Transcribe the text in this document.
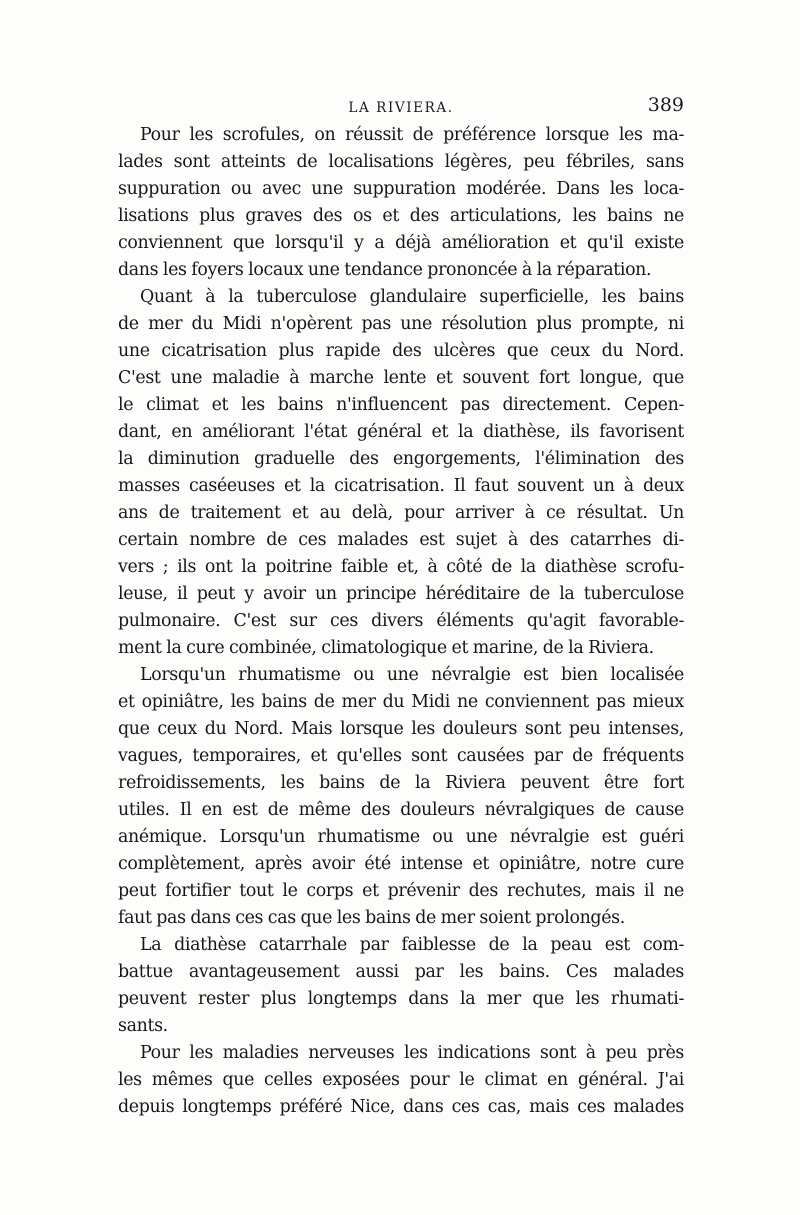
LA RIVIERA.	389
Pour les scrofules, on réussit de préférence lorsque les ma-
lades sont atteints de localisations légères, peu fébriles, sans
suppuration ou avec une suppuration modérée. Dans les loca-
lisations plus graves des os et des articulations, les bains ne
conviennent que lorsqu'il y a déjà amélioration et qu'il existe
dans les foyers locaux une tendance prononcée à la réparation.
Quant à la tuberculose glandulaire superficielle, les bains
de mer du Midi n'opèrent pas une résolution plus prompte, ni
une cicatrisation plus rapide des ulcères que ceux du Nord.
C'est une maladie à marche lente et souvent fort longue, que
le climat et les bains n'influencent pas directement. Cepen-
dant, en améliorant l'état général et la diathèse, ils favorisent
la diminution graduelle des engorgements, l'élimination des
masses caséeuses et la cicatrisation. Il faut souvent un à deux
ans de traitement et au delà, pour arriver à ce résultat. Un
certain nombre de ces malades est sujet à des catarrhes di-
vers ; ils ont la poitrine faible et, à côté de la diathèse scrofu-
leuse, il peut y avoir un principe héréditaire de la tuberculose
pulmonaire. C'est sur ces divers éléments qu'agit favorable-
ment la cure combinée, climatologique et marine, de la Riviera.
Lorsqu'un rhumatisme ou une névralgie est bien localisée
et opiniâtre, les bains de mer du Midi ne conviennent pas mieux
que ceux du Nord. Mais lorsque les douleurs sont peu intenses,
vagues, temporaires, et qu'elles sont causées par de fréquents
refroidissements, les bains de la Riviera peuvent être fort
utiles. Il en est de même des douleurs névralgiques de cause
anémique. Lorsqu'un rhumatisme ou une névralgie est guéri
complètement, après avoir été intense et opiniâtre, notre cure
peut fortifier tout le corps et prévenir des rechutes, mais il ne
faut pas dans ces cas que les bains de mer soient prolongés.
La diathèse catarrhale par faiblesse de la peau est com-
battue avantageusement aussi par les bains. Ces malades
peuvent rester plus longtemps dans la mer que les rhumati-
sants.
Pour les maladies nerveuses les indications sont à peu près
les mêmes que celles exposées pour le climat en général. J'ai
depuis longtemps préféré Nice, dans ces cas, mais ces malades
